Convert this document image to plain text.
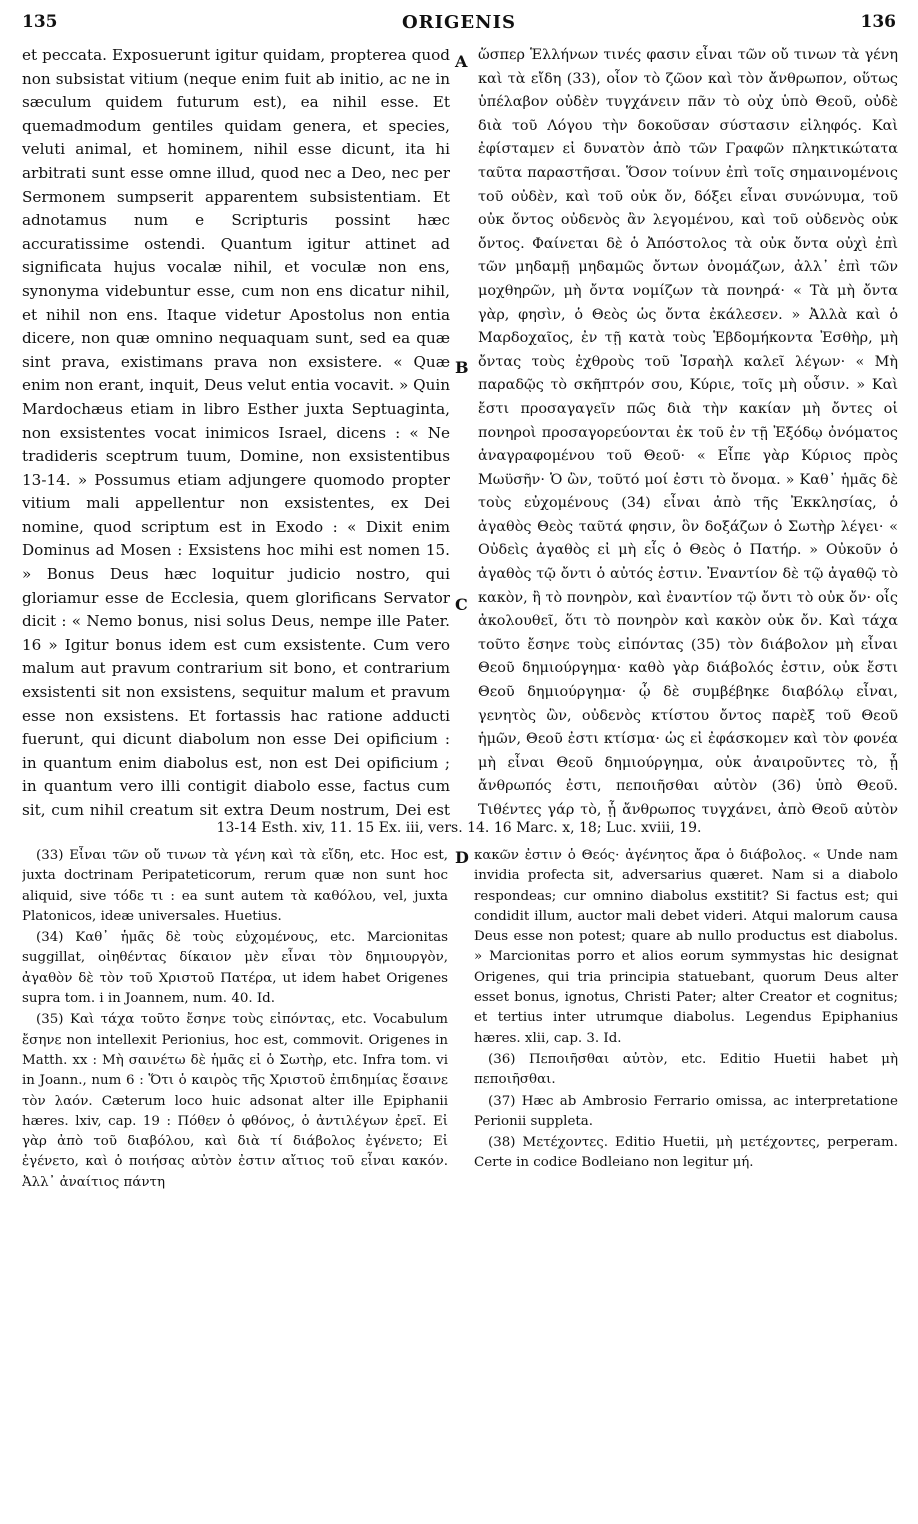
135	ORIGENIS	136

et peccata. Exposuerunt igitur quidam, propterea quod non subsistat vitium (neque enim fuit ab initio, ac ne in sæculum quidem futurum est), ea nihil esse. Et quemadmodum gentiles quidam genera, et species, veluti animal, et hominem, nihil esse dicunt, ita hi arbitrati sunt esse omne illud, quod nec a Deo, nec per Sermonem sumpserit apparentem subsistentiam. Et adnotamus num e Scripturis possint hæc accuratissime ostendi. Quantum igitur attinet ad significata hujus vocalæ nihil, et voculæ non ens, synonyma videbuntur esse, cum non ens dicatur nihil, et nihil non ens. Itaque videtur Apostolus non entia dicere, non quæ omnino nequaquam sunt, sed ea quæ sint prava, existimans prava non exsistere. « Quæ enim non erant, inquit, Deus velut entia vocavit. » Quin Mardochæus etiam in libro Esther juxta Septuaginta, non exsistentes vocat inimicos Israel, dicens : « Ne tradideris sceptrum tuum, Domine, non exsistentibus 13-14. » Possumus etiam adjungere quomodo propter vitium mali appellentur non exsistentes, ex Dei nomine, quod scriptum est in Exodo : « Dixit enim Dominus ad Mosen : Exsistens hoc mihi est nomen 15. » Bonus Deus hæc loquitur judicio nostro, qui gloriamur esse de Ecclesia, quem glorificans Servator dicit : « Nemo bonus, nisi solus Deus, nempe ille Pater. 16 » Igitur bonus idem est cum exsistente. Cum vero malum aut pravum contrarium sit bono, et contrarium exsistenti sit non exsistens, sequitur malum et pravum esse non exsistens. Et fortassis hac ratione adducti fuerunt, qui dicunt diabolum non esse Dei opificium : in quantum enim diabolus est, non est Dei opificium ; in quantum vero illi contigit diabolo esse, factus cum sit, cum nihil creatum sit extra Deum nostrum, Dei est

A
B
C
D

ὥσπερ Ἑλλήνων τινές φασιν εἶναι τῶν οὔ τινων τὰ γένη καὶ τὰ εἴδη (33), οἷον τὸ ζῶον καὶ τὸν ἄνθρωπον, οὕτως ὑπέλαβον οὐδὲν τυγχάνειν πᾶν τὸ οὐχ ὑπὸ Θεοῦ, οὐδὲ διὰ τοῦ Λόγου τὴν δοκοῦσαν σύστασιν εἰληφός. Καὶ ἐφίσταμεν εἰ δυνατὸν ἀπὸ τῶν Γραφῶν πληκτικώτατα ταῦτα παραστῆσαι. Ὅσον τοίνυν ἐπὶ τοῖς σημαινομένοις τοῦ οὐδὲν, καὶ τοῦ οὐκ ὄν, δόξει εἶναι συνώνυμα, τοῦ οὐκ ὄντος οὐδενὸς ἂν λεγομένου, καὶ τοῦ οὐδενὸς οὐκ ὄντος. Φαίνεται δὲ ὁ Ἀπόστολος τὰ οὐκ ὄντα οὐχὶ ἐπὶ τῶν μηδαμῇ μηδαμῶς ὄντων ὀνομάζων, ἀλλ᾽ ἐπὶ τῶν μοχθηρῶν, μὴ ὄντα νομίζων τὰ πονηρά· « Τὰ μὴ ὄντα γὰρ, φησὶν, ὁ Θεὸς ὡς ὄντα ἐκάλεσεν. » Ἀλλὰ καὶ ὁ Μαρδοχαῖος, ἐν τῇ κατὰ τοὺς Ἑβδομήκοντα Ἐσθὴρ, μὴ ὄντας τοὺς ἐχθροὺς τοῦ Ἰσραὴλ καλεῖ λέγων· « Μὴ παραδῷς τὸ σκῆπτρόν σου, Κύριε, τοῖς μὴ οὖσιν. » Καὶ ἔστι προσαγαγεῖν πῶς διὰ τὴν κακίαν μὴ ὄντες οἱ πονηροὶ προσαγορεύονται ἐκ τοῦ ἐν τῇ Ἐξόδῳ ὀνόματος ἀναγραφομένου τοῦ Θεοῦ· « Εἶπε γὰρ Κύριος πρὸς Μωϋσῆν· Ὁ ὢν, τοῦτό μοί ἐστι τὸ ὄνομα. » Καθ᾽ ἡμᾶς δὲ τοὺς εὐχομένους (34) εἶναι ἀπὸ τῆς Ἐκκλησίας, ὁ ἀγαθὸς Θεὸς ταῦτά φησιν, ὃν δοξάζων ὁ Σωτὴρ λέγει· « Οὐδεὶς ἀγαθὸς εἰ μὴ εἷς ὁ Θεὸς ὁ Πατήρ. » Οὐκοῦν ὁ ἀγαθὸς τῷ ὄντι ὁ αὐτός ἐστιν. Ἐναντίον δὲ τῷ ἀγαθῷ τὸ κακὸν, ἢ τὸ πονηρὸν, καὶ ἐναντίον τῷ ὄντι τὸ οὐκ ὄν· οἷς ἀκολουθεῖ, ὅτι τὸ πονηρὸν καὶ κακὸν οὐκ ὄν. Καὶ τάχα τοῦτο ἔσηνε τοὺς εἰπόντας (35) τὸν διάβολον μὴ εἶναι Θεοῦ δημιούργημα· καθὸ γὰρ διάβολός ἐστιν, οὐκ ἔστι Θεοῦ δημιούργημα· ᾧ δὲ συμβέβηκε διαβόλῳ εἶναι, γενητὸς ὢν, οὐδενὸς κτίστου ὄντος παρὲξ τοῦ Θεοῦ ἡμῶν, Θεοῦ ἐστι κτίσμα· ὡς εἰ ἐφάσκομεν καὶ τὸν φονέα μὴ εἶναι Θεοῦ δημιούργημα, οὐκ ἀναιροῦντες τὸ, ᾗ ἄνθρωπός ἐστι, πεποιῆσθαι αὐτὸν (36) ὑπὸ Θεοῦ. Τιθέντες γάρ τὸ, ᾗ ἄνθρωπος τυγχάνει, ἀπὸ Θεοῦ αὐτὸν

13-14 Esth. xiv, 11. 15 Ex. iii, vers. 14. 16 Marc. x, 18; Luc. xviii, 19.

(33) Εἶναι τῶν οὔ τινων τὰ γένη καὶ τὰ εἴδη, etc. Hoc est, juxta doctrinam Peripateticorum, rerum quæ non sunt hoc aliquid, sive τόδε τι : ea sunt autem τὰ καθόλου, vel, juxta Platonicos, ideæ universales. Huetius.

(34) Καθ᾽ ἡμᾶς δὲ τοὺς εὐχομένους, etc. Marcionitas suggillat, οἰηθέντας δίκαιον μὲν εἶναι τὸν δημιουργὸν, ἀγαθὸν δὲ τὸν τοῦ Χριστοῦ Πατέρα, ut idem habet Origenes supra tom. i in Joannem, num. 40. Id.

(35) Καὶ τάχα τοῦτο ἔσηνε τοὺς εἰπόντας, etc. Vocabulum ἔσηνε non intellexit Perionius, hoc est, commovit. Origenes in Matth. xx : Μὴ σαινέτω δὲ ἡμᾶς εἰ ὁ Σωτὴρ, etc. Infra tom. vi in Joann., num 6 : Ὅτι ὁ καιρὸς τῆς Χριστοῦ ἐπιδημίας ἔσαινε τὸν λαόν. Cæterum loco huic adsonat alter ille Epiphanii hæres. lxiv, cap. 19 : Πόθεν ὁ φθόνος, ὁ ἀντιλέγων ἐρεῖ. Εἰ γὰρ ἀπὸ τοῦ διαβόλου, καὶ διὰ τί διάβολος ἐγένετο; Εἰ ἐγένετο, καὶ ὁ ποιήσας αὐτὸν ἐστιν αἴτιος τοῦ εἶναι κακόν. Ἀλλ᾽ ἀναίτιος πάντη

κακῶν ἐστιν ὁ Θεός· ἀγένητος ἄρα ὁ διάβολος. « Unde nam invidia profecta sit, adversarius quæret. Nam si a diabolo respondeas; cur omnino diabolus exstitit? Si factus est; qui condidit illum, auctor mali debet videri. Atqui malorum causa Deus esse non potest; quare ab nullo productus est diabolus. » Marcionitas porro et alios eorum symmystas hic designat Origenes, qui tria principia statuebant, quorum Deus alter esset bonus, ignotus, Christi Pater; alter Creator et cognitus; et tertius inter utrumque diabolus. Legendus Epiphanius hæres. xlii, cap. 3. Id.

(36) Πεποιῆσθαι αὐτὸν, etc. Editio Huetii habet μὴ πεποιῆσθαι.

(37) Hæc ab Ambrosio Ferrario omissa, ac interpretatione Perionii suppleta.

(38) Μετέχοντες. Editio Huetii, μὴ μετέχοντες, perperam. Certe in codice Bodleiano non legitur μή.
